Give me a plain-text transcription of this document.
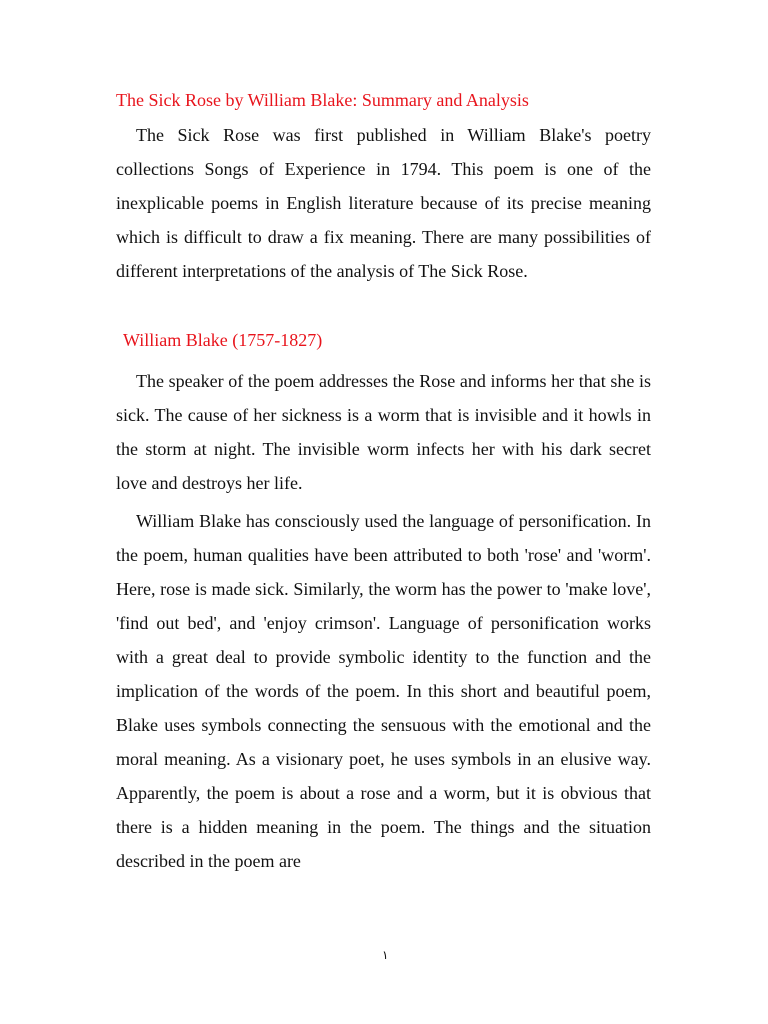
The Sick Rose by William Blake: Summary and Analysis

The Sick Rose was first published in William Blake's poetry collections Songs of Experience in 1794. This poem is one of the inexplicable poems in English literature because of its precise meaning which is difficult to draw a fix meaning. There are many possibilities of different interpretations of the analysis of The Sick Rose.

William Blake (1757-1827)

The speaker of the poem addresses the Rose and informs her that she is sick. The cause of her sickness is a worm that is invisible and it howls in the storm at night. The invisible worm infects her with his dark secret love and destroys her life.

William Blake has consciously used the language of personification. In the poem, human qualities have been attributed to both 'rose' and 'worm'. Here, rose is made sick. Similarly, the worm has the power to 'make love', 'find out bed', and 'enjoy crimson'. Language of personification works with a great deal to provide symbolic identity to the function and the implication of the words of the poem. In this short and beautiful poem, Blake uses symbols connecting the sensuous with the emotional and the moral meaning. As a visionary poet, he uses symbols in an elusive way. Apparently, the poem is about a rose and a worm, but it is obvious that there is a hidden meaning in the poem. The things and the situation described in the poem are

١
